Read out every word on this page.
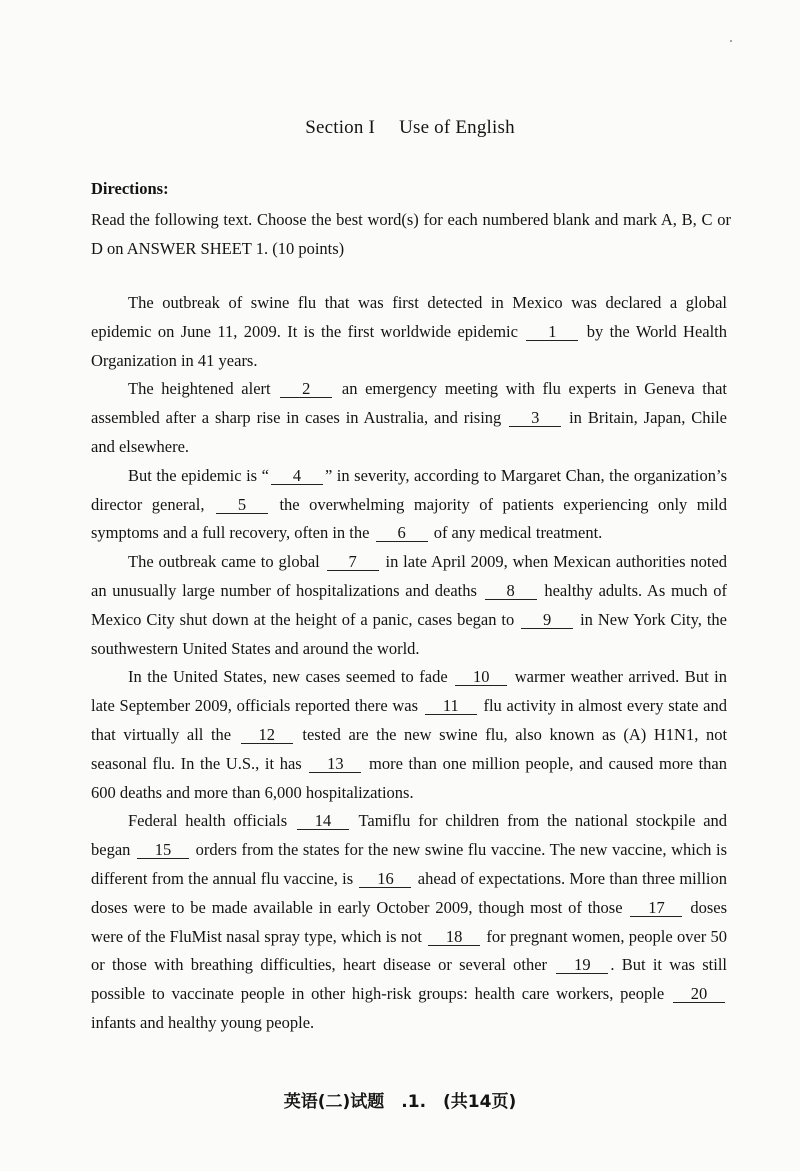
Section I Use of English
Directions:
Read the following text. Choose the best word(s) for each numbered blank and mark A, B, C or D on ANSWER SHEET 1. (10 points)

The outbreak of swine flu that was first detected in Mexico was declared a global epidemic on June 11, 2009. It is the first worldwide epidemic 1 by the World Health Organization in 41 years.

The heightened alert 2 an emergency meeting with flu experts in Geneva that assembled after a sharp rise in cases in Australia, and rising 3 in Britain, Japan, Chile and elsewhere.

But the epidemic is “ 4 ” in severity, according to Margaret Chan, the organization’s director general, 5 the overwhelming majority of patients experiencing only mild symptoms and a full recovery, often in the 6 of any medical treatment.

The outbreak came to global 7 in late April 2009, when Mexican authorities noted an unusually large number of hospitalizations and deaths 8 healthy adults. As much of Mexico City shut down at the height of a panic, cases began to 9 in New York City, the southwestern United States and around the world.

In the United States, new cases seemed to fade 10 warmer weather arrived. But in late September 2009, officials reported there was 11 flu activity in almost every state and that virtually all the 12 tested are the new swine flu, also known as (A) H1N1, not seasonal flu. In the U.S., it has 13 more than one million people, and caused more than 600 deaths and more than 6,000 hospitalizations.

Federal health officials 14 Tamiflu for children from the national stockpile and began 15 orders from the states for the new swine flu vaccine. The new vaccine, which is different from the annual flu vaccine, is 16 ahead of expectations. More than three million doses were to be made available in early October 2009, though most of those 17 doses were of the FluMist nasal spray type, which is not 18 for pregnant women, people over 50 or those with breathing difficulties, heart disease or several other 19 . But it was still possible to vaccinate people in other high-risk groups: health care workers, people 20 infants and healthy young people.

英语(二)试题　.1.　(共14页)
